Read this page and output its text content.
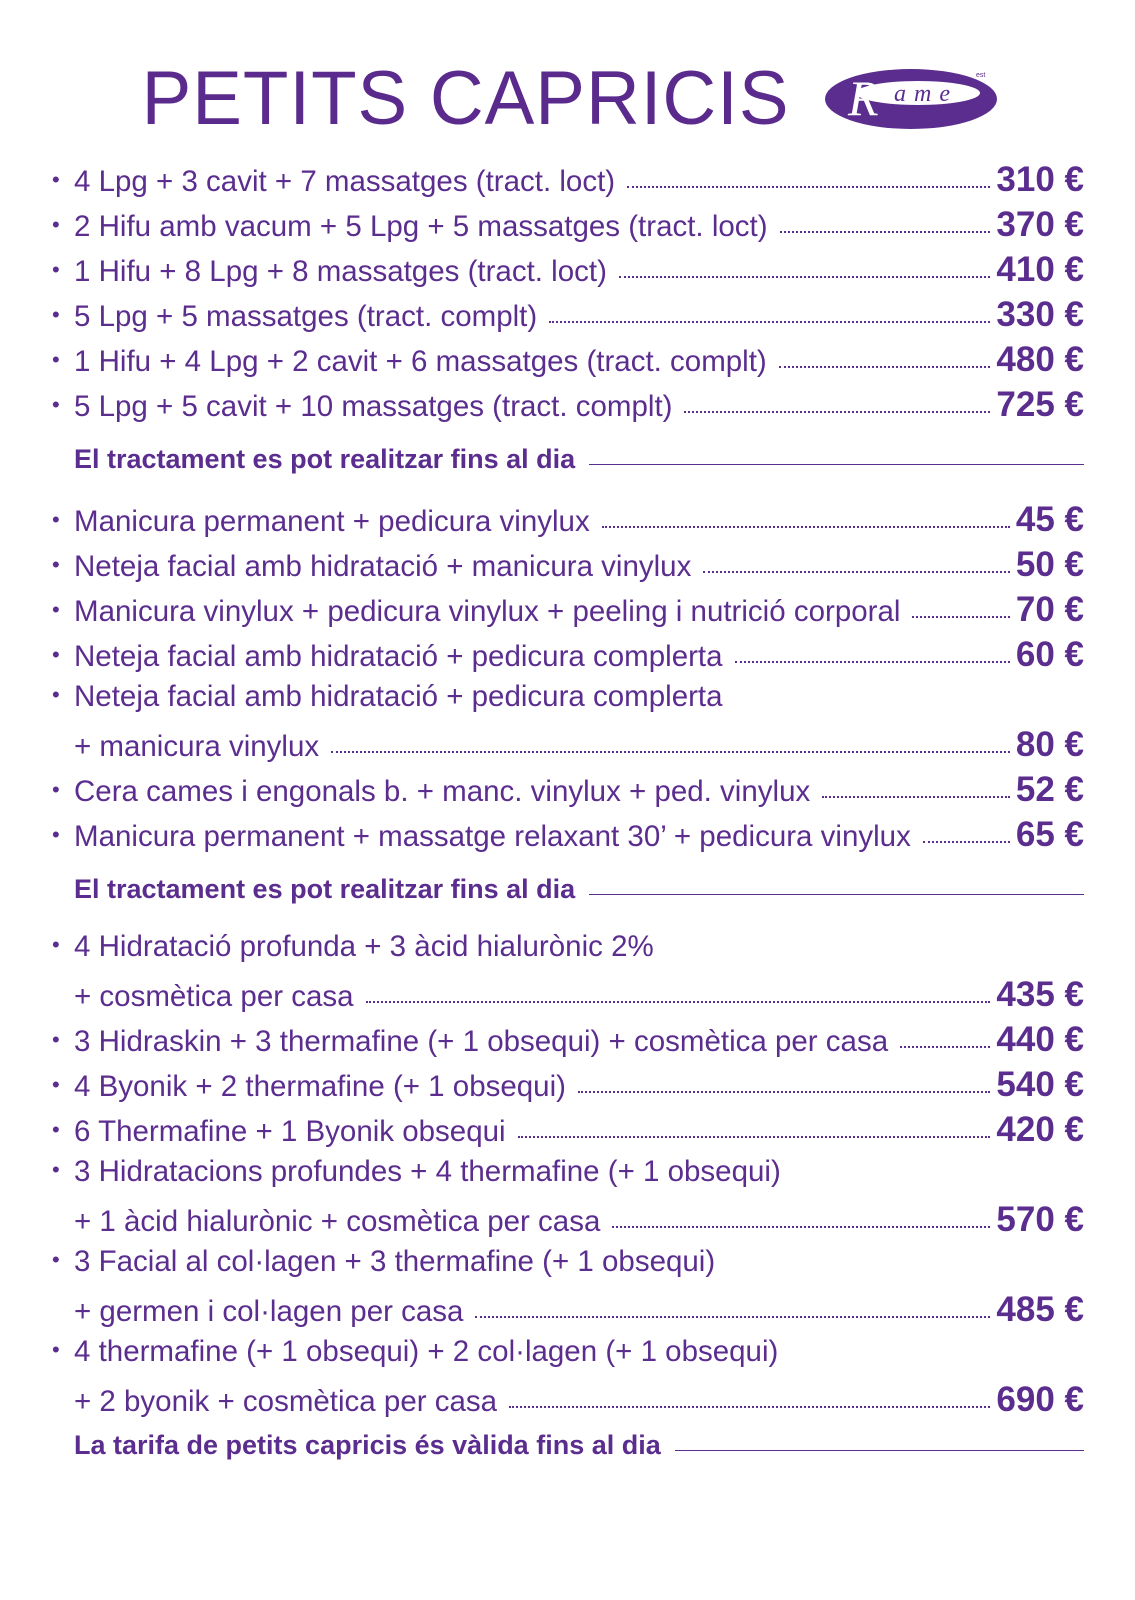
PETITS CAPRICIS R ame
est
• 4 Lpg + 3 cavit + 7 massatges (tract. loct)	310 €
• 2 Hifu amb vacum + 5 Lpg + 5 massatges (tract. loct)	370 €
• 1 Hifu + 8 Lpg + 8 massatges (tract. loct)	410 €
• 5 Lpg + 5 massatges (tract. complt)	330 €
• 1 Hifu + 4 Lpg + 2 cavit + 6 massatges (tract. complt)	480 €
• 5 Lpg + 5 cavit + 10 massatges (tract. complt)	725 €
El tractament es pot realitzar fins al dia
• Manicura permanent + pedicura vinylux	45 €
• Neteja facial amb hidratació + manicura vinylux	50 €
• Manicura vinylux + pedicura vinylux + peeling i nutrició corporal	70 €
• Neteja facial amb hidratació + pedicura complerta	60 €
• Neteja facial amb hidratació + pedicura complerta
+ manicura vinylux	80 €
• Cera cames i engonals b. + manc. vinylux + ped. vinylux	52 €
• Manicura permanent + massatge relaxant 30’ + pedicura vinylux	65 €
El tractament es pot realitzar fins al dia
• 4 Hidratació profunda + 3 àcid hialurònic 2%
+ cosmètica per casa	435 €
• 3 Hidraskin + 3 thermafine (+ 1 obsequi) + cosmètica per casa	440 €
• 4 Byonik + 2 thermafine (+ 1 obsequi)	540 €
• 6 Thermafine + 1 Byonik obsequi	420 €
• 3 Hidratacions profundes + 4 thermafine (+ 1 obsequi)
+ 1 àcid hialurònic + cosmètica per casa	570 €
• 3 Facial al col·lagen + 3 thermafine (+ 1 obsequi)
+ germen i col·lagen per casa	485 €
• 4 thermafine (+ 1 obsequi) + 2 col·lagen (+ 1 obsequi)
+ 2 byonik + cosmètica per casa	690 €
La tarifa de petits capricis és vàlida fins al dia
